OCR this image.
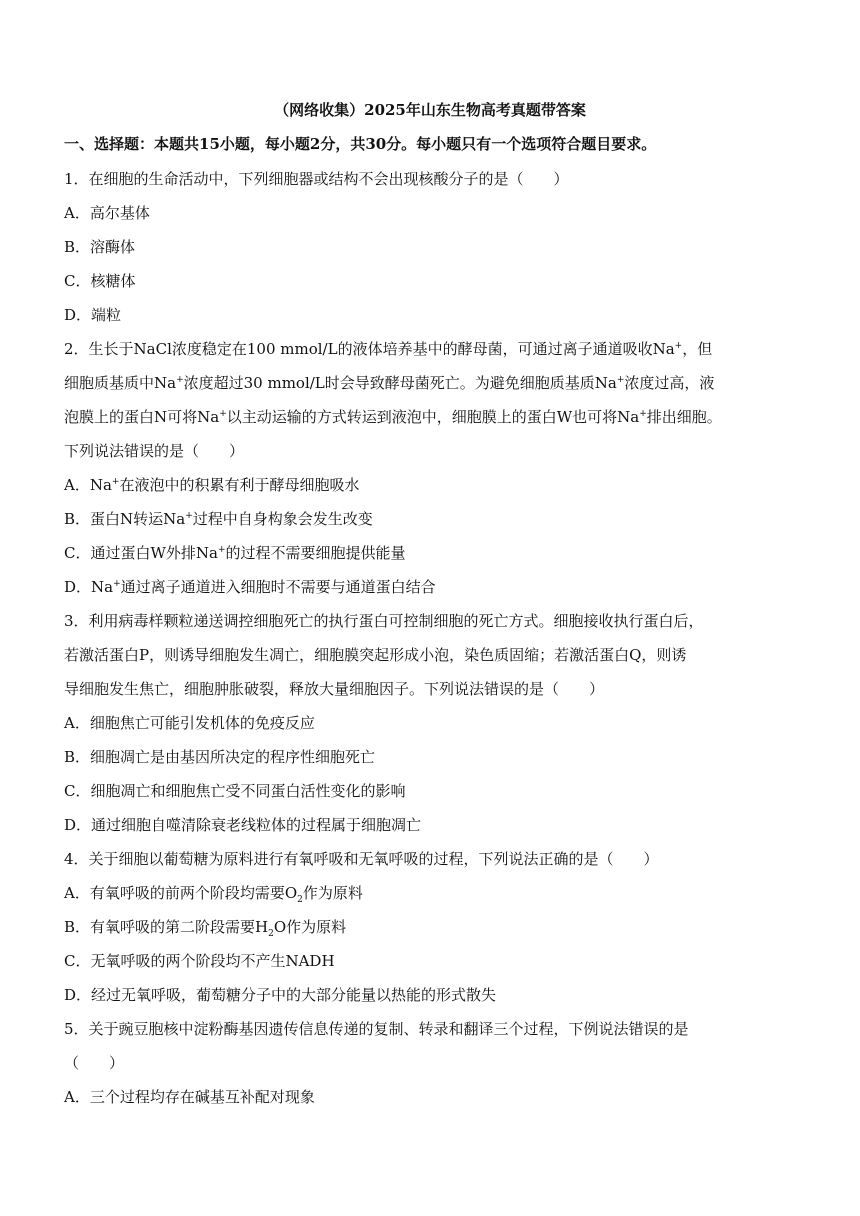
（网络收集）2025年山东生物高考真题带答案
一、选择题：本题共15小题，每小题2分，共30分。每小题只有一个选项符合题目要求。
1．在细胞的生命活动中，下列细胞器或结构不会出现核酸分子的是（　　）
A．高尔基体
B．溶酶体
C．核糖体
D．端粒
2．生长于NaCl浓度稳定在100 mmol/L的液体培养基中的酵母菌，可通过离子通道吸收Na+，但
细胞质基质中Na+浓度超过30 mmol/L时会导致酵母菌死亡。为避免细胞质基质Na+浓度过高，液
泡膜上的蛋白N可将Na+以主动运输的方式转运到液泡中，细胞膜上的蛋白W也可将Na+排出细胞。
下列说法错误的是（　　）
A．Na+在液泡中的积累有利于酵母细胞吸水
B．蛋白N转运Na+过程中自身构象会发生改变
C．通过蛋白W外排Na+的过程不需要细胞提供能量
D．Na+通过离子通道进入细胞时不需要与通道蛋白结合
3．利用病毒样颗粒递送调控细胞死亡的执行蛋白可控制细胞的死亡方式。细胞接收执行蛋白后，
若激活蛋白P，则诱导细胞发生凋亡，细胞膜突起形成小泡，染色质固缩；若激活蛋白Q，则诱
导细胞发生焦亡，细胞肿胀破裂，释放大量细胞因子。下列说法错误的是（　　）
A．细胞焦亡可能引发机体的免疫反应
B．细胞凋亡是由基因所决定的程序性细胞死亡
C．细胞凋亡和细胞焦亡受不同蛋白活性变化的影响
D．通过细胞自噬清除衰老线粒体的过程属于细胞凋亡
4．关于细胞以葡萄糖为原料进行有氧呼吸和无氧呼吸的过程，下列说法正确的是（　　）
A．有氧呼吸的前两个阶段均需要$O_2$作为原料
B．有氧呼吸的第二阶段需要$H_2O$作为原料
C．无氧呼吸的两个阶段均不产生NADH
D．经过无氧呼吸，葡萄糖分子中的大部分能量以热能的形式散失
5．关于豌豆胞核中淀粉酶基因遗传信息传递的复制、转录和翻译三个过程，下例说法错误的是
（　　）
A．三个过程均存在碱基互补配对现象
